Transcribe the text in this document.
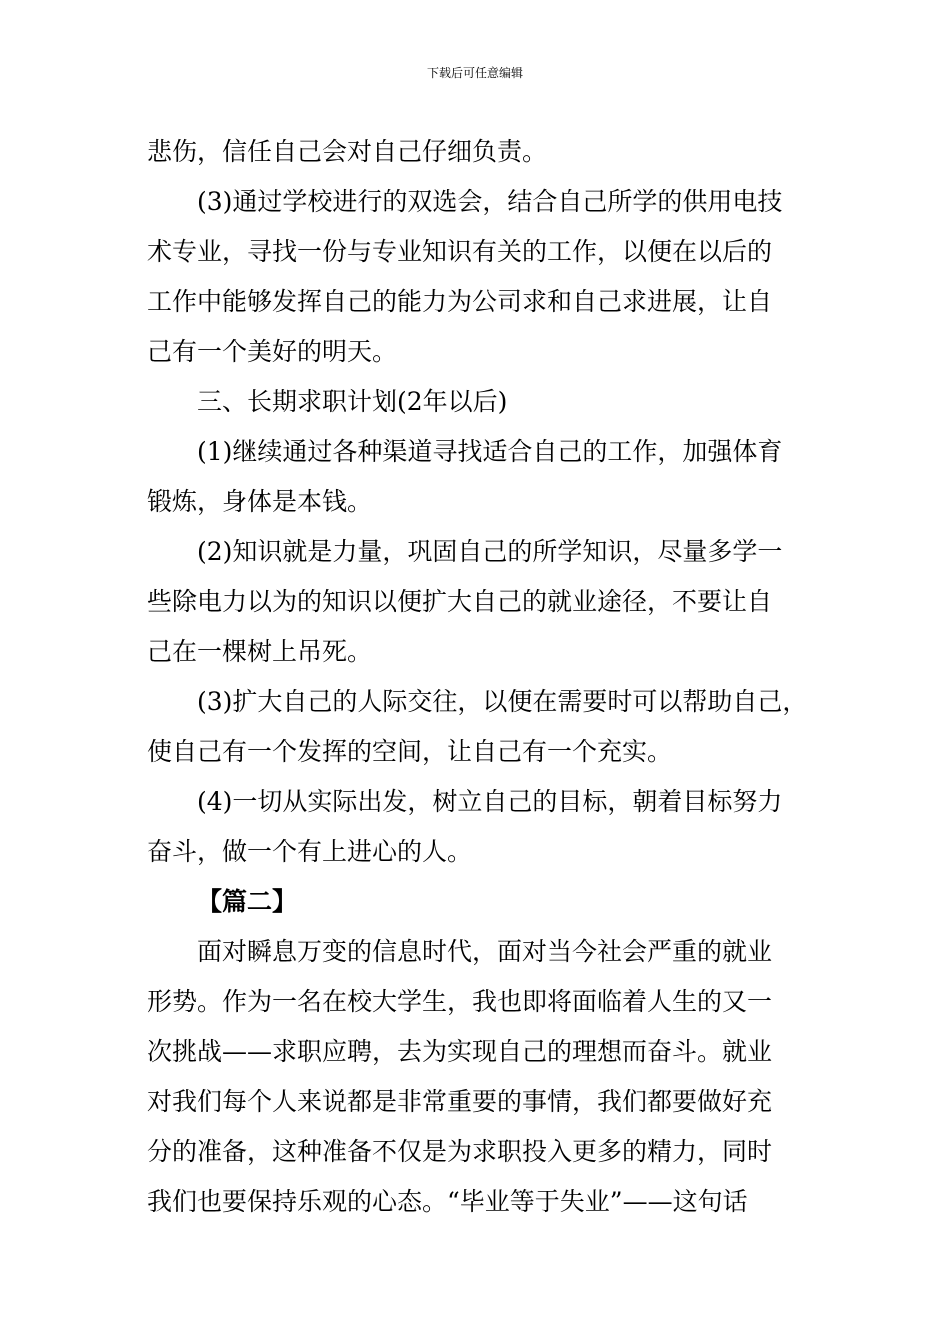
下载后可任意编辑
悲伤，信任自己会对自己仔细负责。
(3)通过学校进行的双选会，结合自己所学的供用电技
术专业，寻找一份与专业知识有关的工作，以便在以后的
工作中能够发挥自己的能力为公司求和自己求进展，让自
己有一个美好的明天。
三、长期求职计划(2年以后)
(1)继续通过各种渠道寻找适合自己的工作，加强体育
锻炼，身体是本钱。
(2)知识就是力量，巩固自己的所学知识，尽量多学一
些除电力以为的知识以便扩大自己的就业途径，不要让自
己在一棵树上吊死。
(3)扩大自己的人际交往，以便在需要时可以帮助自己，
使自己有一个发挥的空间，让自己有一个充实。
(4)一切从实际出发，树立自己的目标，朝着目标努力
奋斗，做一个有上进心的人。
【篇二】
面对瞬息万变的信息时代，面对当今社会严重的就业
形势。作为一名在校大学生，我也即将面临着人生的又一
次挑战——求职应聘，去为实现自己的理想而奋斗。就业
对我们每个人来说都是非常重要的事情，我们都要做好充
分的准备，这种准备不仅是为求职投入更多的精力，同时
我们也要保持乐观的心态。“毕业等于失业”——这句话
